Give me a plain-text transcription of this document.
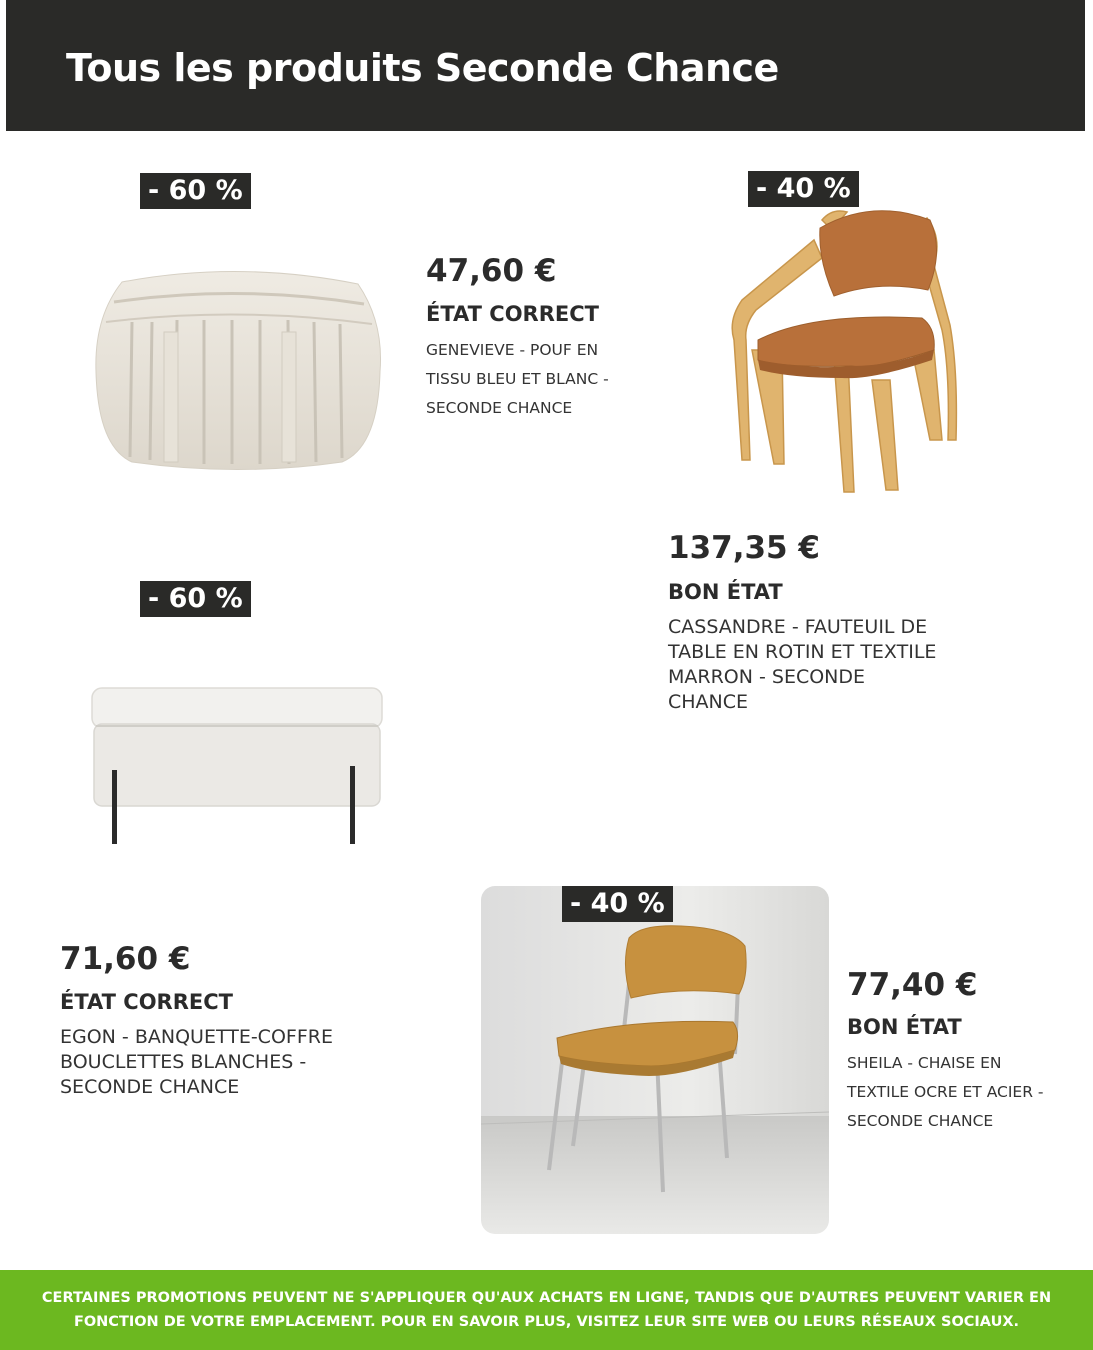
Tous les produits Seconde Chance
- 60 %
47,60 €
ÉTAT CORRECT
GENEVIEVE - POUF EN TISSU BLEU ET BLANC - SECONDE CHANCE
- 40 %
137,35 €
BON ÉTAT
CASSANDRE - FAUTEUIL DE TABLE EN ROTIN ET TEXTILE MARRON - SECONDE CHANCE
- 60 %
71,60 €
ÉTAT CORRECT
EGON - BANQUETTE-COFFRE BOUCLETTES BLANCHES - SECONDE CHANCE
- 40 %
77,40 €
BON ÉTAT
SHEILA - CHAISE EN TEXTILE OCRE ET ACIER - SECONDE CHANCE
CERTAINES PROMOTIONS PEUVENT NE S'APPLIQUER QU'AUX ACHATS EN LIGNE, TANDIS QUE D'AUTRES PEUVENT VARIER EN
FONCTION DE VOTRE EMPLACEMENT. POUR EN SAVOIR PLUS, VISITEZ LEUR SITE WEB OU LEURS RÉSEAUX SOCIAUX.
